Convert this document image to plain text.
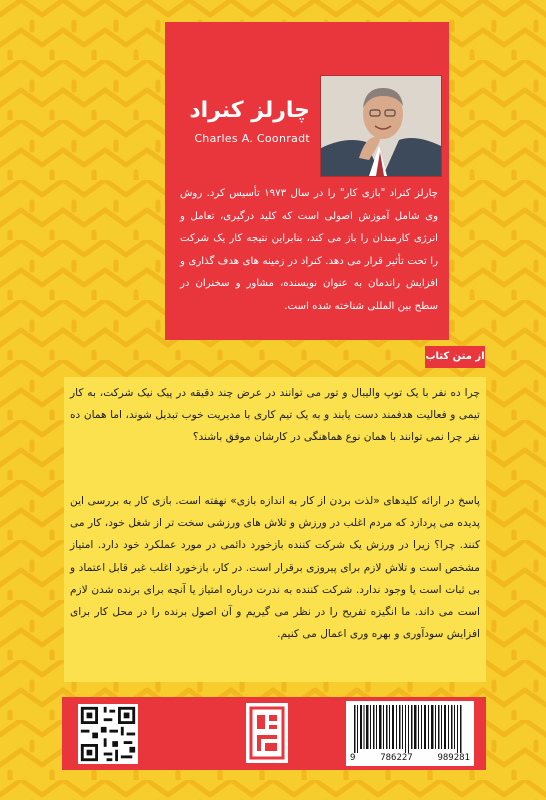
چارلز کنراد
Charles A. Coonradt
چارلز کنراد "بازی کار" را در سال ۱۹۷۳ تأسیس کرد. روش وی شامل آموزش اصولی است که کلید درگیری، تعامل و انرژی کارمندان را باز می کند، بنابراین نتیجه کار یک شرکت را تحت تأثیر قرار می دهد. کنراد در زمینه های هدف گذاری و افزایش راندمان به عنوان نویسنده، مشاور و سخنران در سطح بین المللی شناخته شده است.
از متن کتاب
چرا ده نفر با یک توپ والیبال و تور می توانند در عرض چند دقیقه در پیک نیک شرکت، به کار تیمی و فعالیت هدفمند دست یابند و به یک تیم کاری با مدیریت خوب تبدیل شوند، اما همان ده نفر چرا نمی توانند با همان نوع هماهنگی در کارشان موفق باشند؟
پاسخ در ارائه کلیدهای «لذت بردن از کار به اندازه بازی» نهفته است. بازی کار به بررسی این پدیده می پردازد که مردم اغلب در ورزش و تلاش های ورزشی سخت تر از شغل خود، کار می کنند. چرا؟ زیرا در ورزش یک شرکت کننده بازخورد دائمی در مورد عملکرد خود دارد. امتیاز مشخص است و تلاش لازم برای پیروزی برقرار است. در کار، بازخورد اغلب غیر قابل اعتماد و بی ثبات است یا وجود ندارد. شرکت کننده به ندرت درباره امتیاز یا آنچه برای برنده شدن لازم است می داند. ما انگیزه تفریح را در نظر می گیریم و آن اصول برنده را در محل کار برای افزایش سودآوری و بهره وری اعمال می کنیم.
9	786227	989281
